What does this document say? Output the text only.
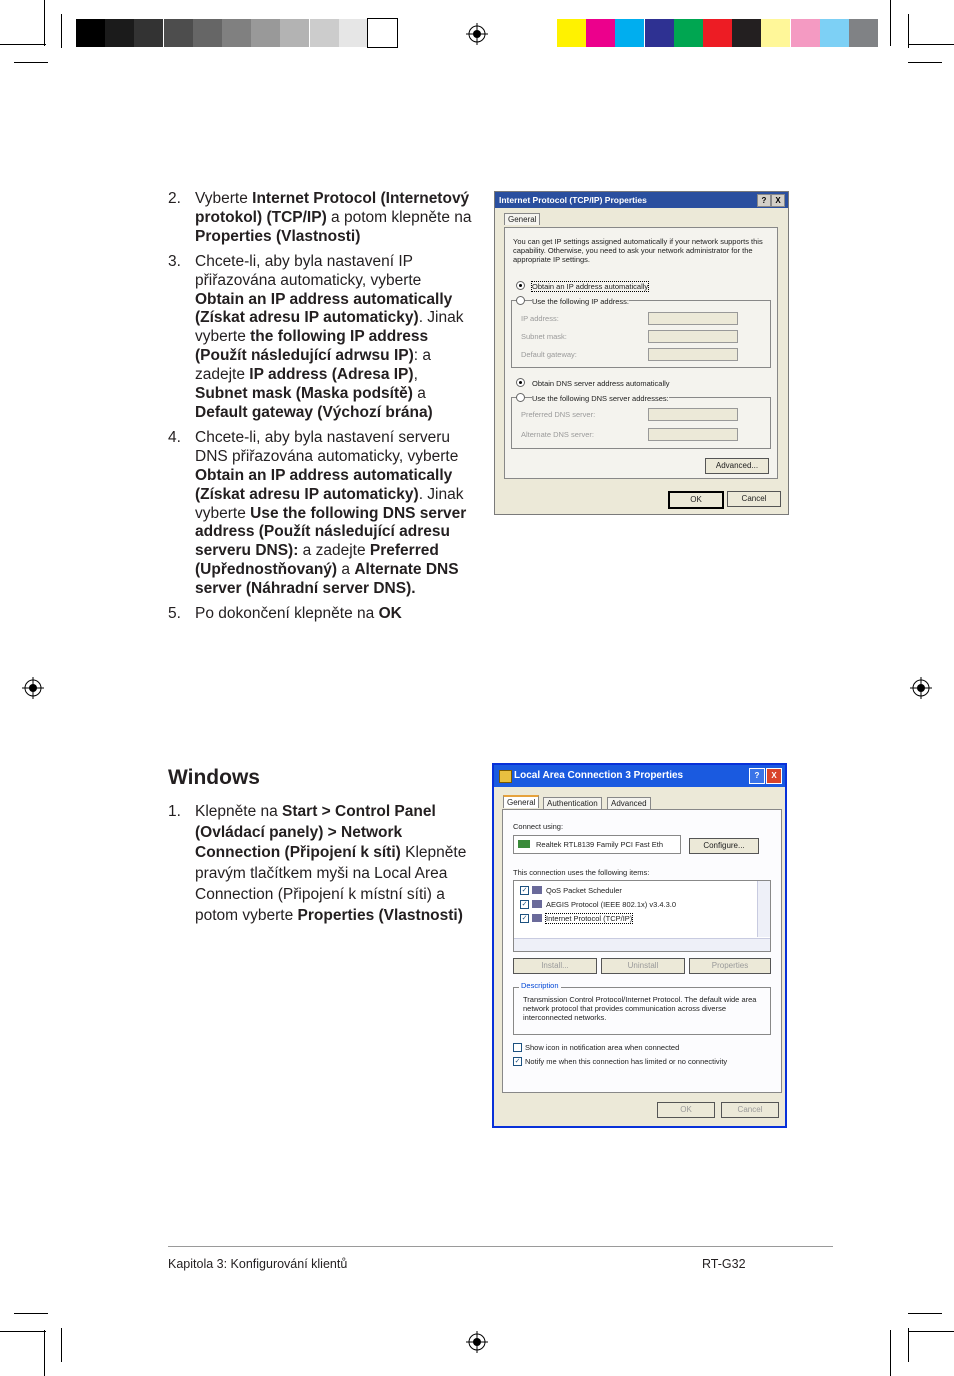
2. Vyberte Internet Protocol (Internetový protokol) (TCP/IP) a potom klepněte na Properties (Vlastnosti)
3. Chcete-li, aby byla nastavení IP přiřazována automaticky, vyberte Obtain an IP address automatically (Získat adresu IP automaticky). Jinak vyberte the following IP address (Použít následující adrwsu IP): a zadejte IP address (Adresa IP), Subnet mask (Maska podsítě) a Default gateway (Výchozí brána)
4. Chcete-li, aby byla nastavení serveru DNS přiřazována automaticky, vyberte Obtain an IP address automatically (Získat adresu IP automaticky). Jinak vyberte Use the following DNS server address (Použít následující adresu serveru DNS): a zadejte Preferred (Upřednostňovaný) a Alternate DNS server (Náhradní server DNS).
5. Po dokončení klepněte na OK
Internet Protocol (TCP/IP) Properties	?	X
General
You can get IP settings assigned automatically if your network supports this capability. Otherwise, you need to ask your network administrator for the appropriate IP settings.
Obtain an IP address automatically
Use the following IP address:
IP address:
Subnet mask:
Default gateway:
Obtain DNS server address automatically
Use the following DNS server addresses:
Preferred DNS server:
Alternate DNS server:
Advanced...
OK	Cancel
Windows
1. Klepněte na Start > Control Panel (Ovládací panely) > Network Connection (Připojení k síti) Klepněte pravým tlačítkem myši na Local Area Connection (Připojení k místní síti) a potom vyberte Properties (Vlastnosti)
Local Area Connection 3 Properties	?	X
General	Authentication	Advanced
Connect using:
Realtek RTL8139 Family PCI Fast Eth	Configure...
This connection uses the following items:
✓ QoS Packet Scheduler
✓ AEGIS Protocol (IEEE 802.1x) v3.4.3.0
✓ Internet Protocol (TCP/IP)
Install...	Uninstall	Properties
Description
Transmission Control Protocol/Internet Protocol. The default wide area network protocol that provides communication across diverse interconnected networks.
Show icon in notification area when connected
✓ Notify me when this connection has limited or no connectivity
OK	Cancel
Kapitola 3: Konfigurování klientů	RT-G32
